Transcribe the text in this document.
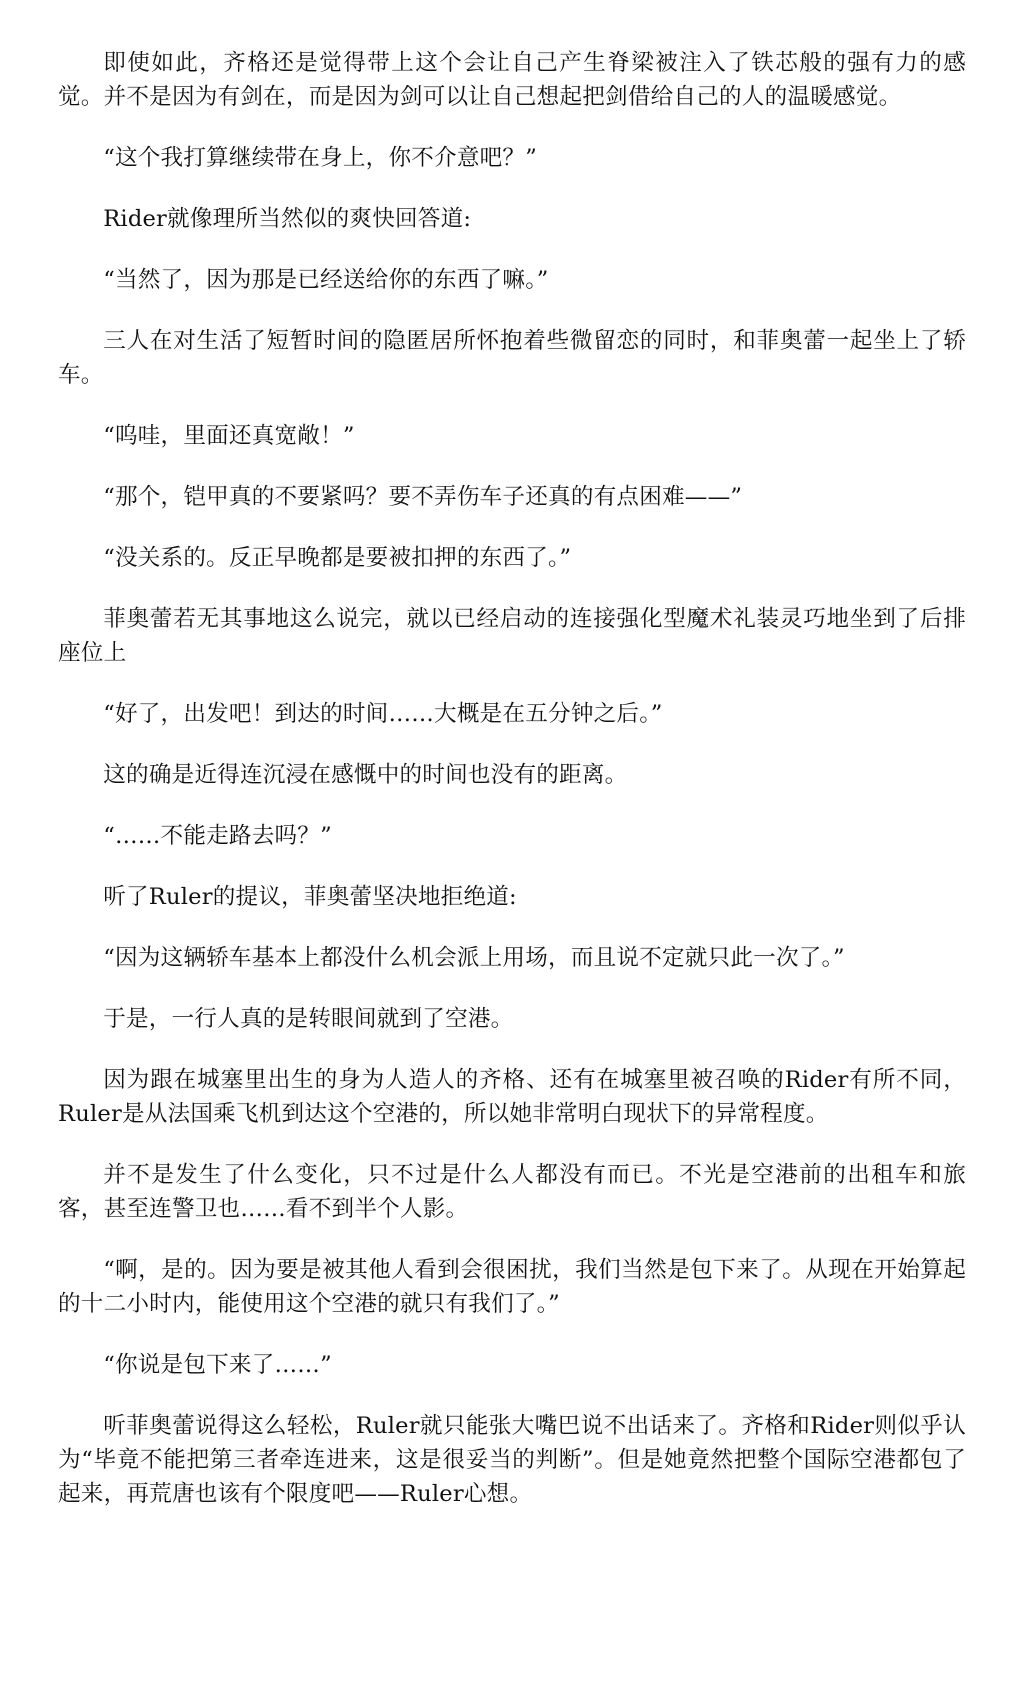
即使如此，齐格还是觉得带上这个会让自己产生脊梁被注入了铁芯般的强有力的感觉。并不是因为有剑在，而是因为剑可以让自己想起把剑借给自己的人的温暖感觉。

“这个我打算继续带在身上，你不介意吧？”

Rider就像理所当然似的爽快回答道:

“当然了，因为那是已经送给你的东西了嘛。”

三人在对生活了短暂时间的隐匿居所怀抱着些微留恋的同时，和菲奥蕾一起坐上了轿车。

“呜哇，里面还真宽敞！”

“那个，铠甲真的不要紧吗？要不弄伤车子还真的有点困难——”

“没关系的。反正早晚都是要被扣押的东西了。”

菲奥蕾若无其事地这么说完，就以已经启动的连接强化型魔术礼装灵巧地坐到了后排座位上

“好了，出发吧！到达的时间……大概是在五分钟之后。”

这的确是近得连沉浸在感慨中的时间也没有的距离。

“……不能走路去吗？”

听了Ruler的提议，菲奥蕾坚决地拒绝道:

“因为这辆轿车基本上都没什么机会派上用场，而且说不定就只此一次了。”

于是，一行人真的是转眼间就到了空港。

因为跟在城塞里出生的身为人造人的齐格、还有在城塞里被召唤的Rider有所不同，Ruler是从法国乘飞机到达这个空港的，所以她非常明白现状下的异常程度。

并不是发生了什么变化，只不过是什么人都没有而已。不光是空港前的出租车和旅客，甚至连警卫也……看不到半个人影。

“啊，是的。因为要是被其他人看到会很困扰，我们当然是包下来了。从现在开始算起的十二小时内，能使用这个空港的就只有我们了。”

“你说是包下来了……”

听菲奥蕾说得这么轻松，Ruler就只能张大嘴巴说不出话来了。齐格和Rider则似乎认为“毕竟不能把第三者牵连进来，这是很妥当的判断”。但是她竟然把整个国际空港都包了起来，再荒唐也该有个限度吧——Ruler心想。
